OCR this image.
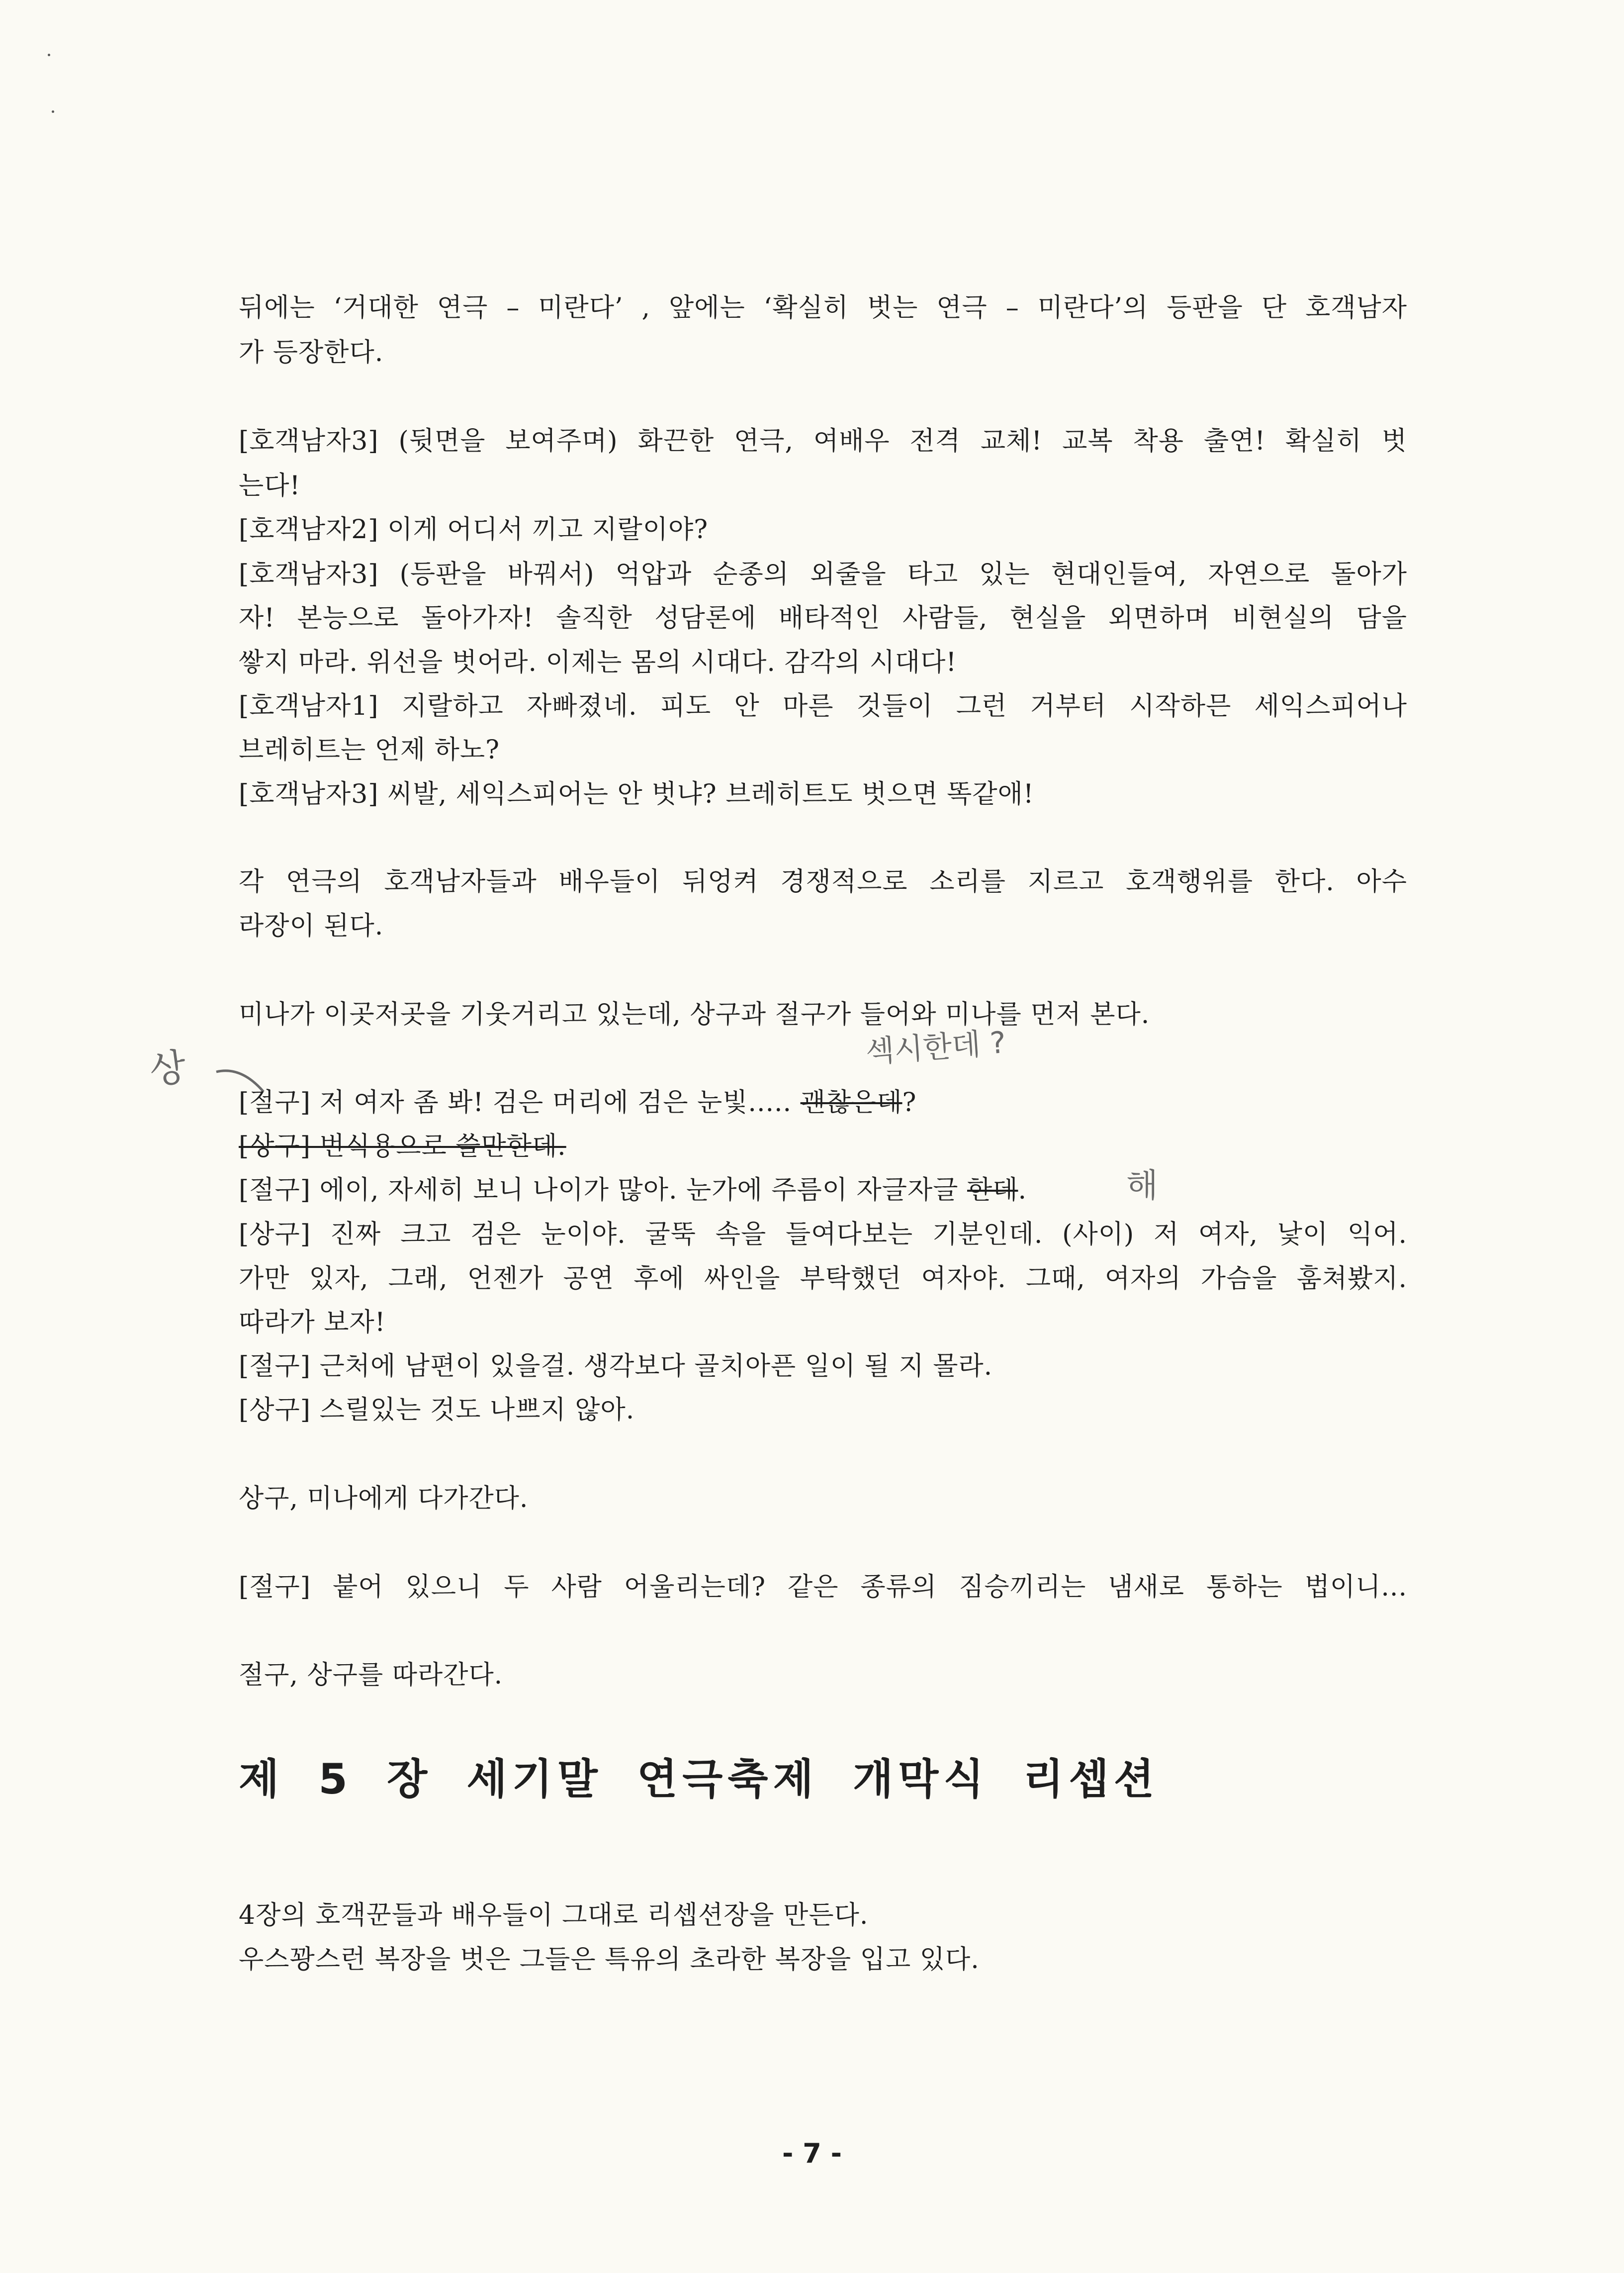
뒤에는 ‘거대한 연극 – 미란다’ , 앞에는 ‘확실히 벗는 연극 – 미란다’의 등판을 단 호객남자

가 등장한다.

[호객남자3] (뒷면을 보여주며) 화끈한 연극, 여배우 전격 교체! 교복 착용 출연! 확실히 벗

는다!

[호객남자2] 이게 어디서 끼고 지랄이야?

[호객남자3] (등판을 바꿔서) 억압과 순종의 외줄을 타고 있는 현대인들여, 자연으로 돌아가

자! 본능으로 돌아가자! 솔직한 성담론에 배타적인 사람들, 현실을 외면하며 비현실의 담을

쌓지 마라. 위선을 벗어라. 이제는 몸의 시대다. 감각의 시대다!

[호객남자1] 지랄하고 자빠졌네. 피도 안 마른 것들이 그런 거부터 시작하믄 세익스피어나

브레히트는 언제 하노?

[호객남자3] 씨발, 세익스피어는 안 벗냐? 브레히트도 벗으면 똑같애!

각 연극의 호객남자들과 배우들이 뒤엉켜 경쟁적으로 소리를 지르고 호객행위를 한다. 아수

라장이 된다.

미나가 이곳저곳을 기웃거리고 있는데, 상구과 절구가 들어와 미나를 먼저 본다.

섹시한데 ?
상

[절구] 저 여자 좀 봐! 검은 머리에 검은 눈빛..... 괜찮은데?

[상구] 번식용으로 쓸만한데.

[절구] 에이, 자세히 보니 나이가 많아. 눈가에 주름이 자글자글 한데.	해

[상구] 진짜 크고 검은 눈이야. 굴뚝 속을 들여다보는 기분인데. (사이) 저 여자, 낯이 익어.

가만 있자, 그래, 언젠가 공연 후에 싸인을 부탁했던 여자야. 그때, 여자의 가슴을 훔쳐봤지.

따라가 보자!

[절구] 근처에 남편이 있을걸. 생각보다 골치아픈 일이 될 지 몰라.

[상구] 스릴있는 것도 나쁘지 않아.

상구, 미나에게 다가간다.

[절구] 붙어 있으니 두 사람 어울리는데? 같은 종류의 짐승끼리는 냄새로 통하는 법이니...

절구, 상구를 따라간다.

제 5 장 세기말 연극축제 개막식 리셉션

4장의 호객꾼들과 배우들이 그대로 리셉션장을 만든다.

우스꽝스런 복장을 벗은 그들은 특유의 초라한 복장을 입고 있다.

- 7 -
